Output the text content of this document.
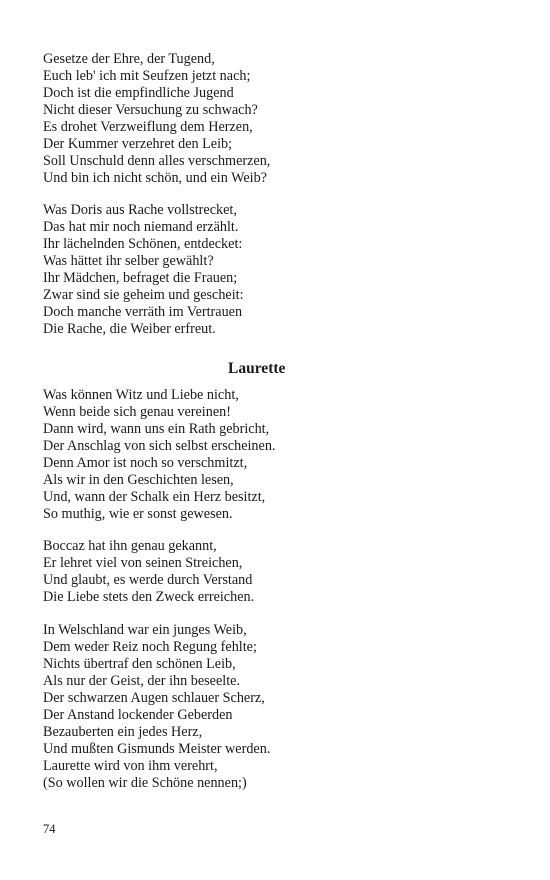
Gesetze der Ehre, der Tugend,
Euch leb' ich mit Seufzen jetzt nach;
Doch ist die empfindliche Jugend
Nicht dieser Versuchung zu schwach?
Es drohet Verzweiflung dem Herzen,
Der Kummer verzehret den Leib;
Soll Unschuld denn alles verschmerzen,
Und bin ich nicht schön, und ein Weib?
Was Doris aus Rache vollstrecket,
Das hat mir noch niemand erzählt.
Ihr lächelnden Schönen, entdecket:
Was hättet ihr selber gewählt?
Ihr Mädchen, befraget die Frauen;
Zwar sind sie geheim und gescheit:
Doch manche verräth im Vertrauen
Die Rache, die Weiber erfreut.
Laurette
Was können Witz und Liebe nicht,
Wenn beide sich genau vereinen!
Dann wird, wann uns ein Rath gebricht,
Der Anschlag von sich selbst erscheinen.
Denn Amor ist noch so verschmitzt,
Als wir in den Geschichten lesen,
Und, wann der Schalk ein Herz besitzt,
So muthig, wie er sonst gewesen.
Boccaz hat ihn genau gekannt,
Er lehret viel von seinen Streichen,
Und glaubt, es werde durch Verstand
Die Liebe stets den Zweck erreichen.
In Welschland war ein junges Weib,
Dem weder Reiz noch Regung fehlte;
Nichts übertraf den schönen Leib,
Als nur der Geist, der ihn beseelte.
Der schwarzen Augen schlauer Scherz,
Der Anstand lockender Geberden
Bezauberten ein jedes Herz,
Und mußten Gismunds Meister werden.
Laurette wird von ihm verehrt,
(So wollen wir die Schöne nennen;)
74
